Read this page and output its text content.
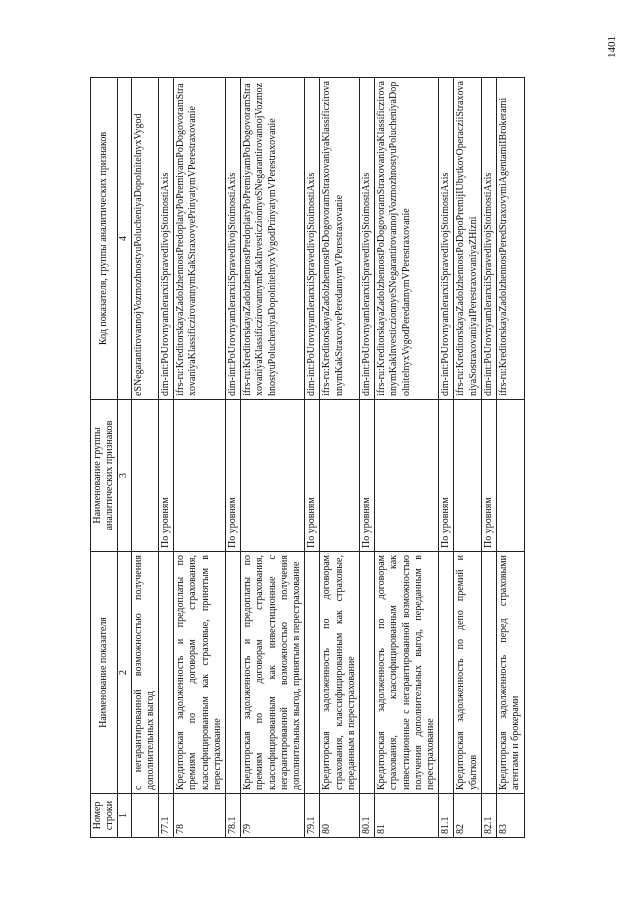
Номер строки	Наименование показателя	Наименование группы аналитических признаков	Код показателя, группы аналитических признаков
1	2	3	4
	с негарантированной возможностью получения дополнительных выгод		eSNegarantirovannojVozmozhnostyuPolucheniyaDopolnitelnyxVygod
77.1		По уровням	dim-int:PoUrovnyamIerarxiiSpravedlivojStoimostiAxis
78	Кредиторская задолженность и предоплаты по премиям по договорам страхования, классифицированным как страховые, принятым в перестрахование		ifrs-ru:KreditorskayaZadolzhennostPredoplatyPoPremiyamPoDogovoramStraxovaniyaKlassificzirovannymKakStraxovyePrinyatymVPerestraxovanie
78.1		По уровням	dim-int:PoUrovnyamIerarxiiSpravedlivojStoimostiAxis
79	Кредиторская задолженность и предоплаты по премиям по договорам страхования, классифицированным как инвестиционные с негарантированной возможностью получения дополнительных выгод, принятым в перестрахование		ifrs-ru:KreditorskayaZadolzhennostPredoplatyPoPremiyamPoDogovoramStraxovaniyaKlassificzirovannymKakInvesticzionnyeSNegarantirovannojVozmozhnostyuPolucheniyaDopolnitelnyxVygodPrinyatymVPerestraxovanie
79.1		По уровням	dim-int:PoUrovnyamIerarxiiSpravedlivojStoimostiAxis
80	Кредиторская задолженность по договорам страхования, классифицированным как страховые, переданным в перестрахование		ifrs-ru:KreditorskayaZadolzhennostPoDogovoramStraxovaniyaKlassificzirovannymKakStraxovyePeredannymVPerestraxovanie
80.1		По уровням	dim-int:PoUrovnyamIerarxiiSpravedlivojStoimostiAxis
81	Кредиторская задолженность по договорам страхования, классифицированным как инвестиционные с негарантированной возможностью получения дополнительных выгод, переданным в перестрахование		ifrs-ru:KreditorskayaZadolzhennostPoDogovoramStraxovaniyaKlassificzirovannymKakInvesticzionnyeSNegarantirovannojVozmozhnostyuPolucheniyaDopolnitelnyxVygodPeredannymVPerestraxovanie
81.1		По уровням	dim-int:PoUrovnyamIerarxiiSpravedlivojStoimostiAxis
82	Кредиторская задолженность по депо премий и убытков		ifrs-ru:KreditorskayaZadolzhennostPoDepoPremijIUbytkovOperacziiStraxovaniyaSostraxovaniyaIPerestraxovaniyaZHizni
82.1		По уровням	dim-int:PoUrovnyamIerarxiiSpravedlivojStoimostiAxis
83	Кредиторская задолженность перед страховыми агентами и брокерами		ifrs-ru:KreditorskayaZadolzhennostPeredStraxovymiAgentamiIBrokerami
1401
